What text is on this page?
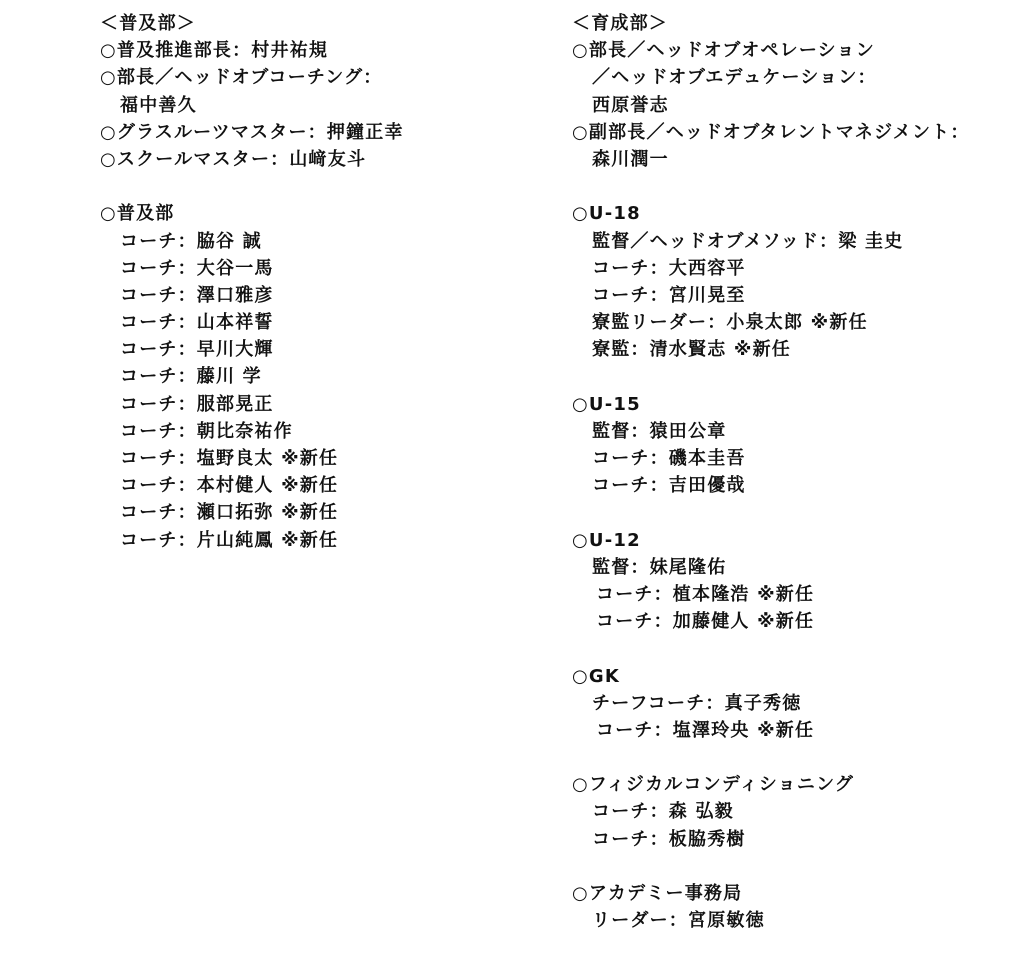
＜普及部＞
○普及推進部長：村井祐規
○部長／ヘッドオブコーチング：
福中善久
○グラスルーツマスター：押鐘正幸
○スクールマスター：山﨑友斗
○普及部
コーチ：脇谷 誠
コーチ：大谷一馬
コーチ：澤口雅彦
コーチ：山本祥誓
コーチ：早川大輝
コーチ：藤川 学
コーチ：服部晃正
コーチ：朝比奈祐作
コーチ：塩野良太 ※新任
コーチ：本村健人 ※新任
コーチ：瀬口拓弥 ※新任
コーチ：片山純鳳 ※新任
＜育成部＞
○部長／ヘッドオブオペレーション
／ヘッドオブエデュケーション：
西原誉志
○副部長／ヘッドオブタレントマネジメント：
森川潤一
○U-18
監督／ヘッドオブメソッド：梁 圭史
コーチ：大西容平
コーチ：宮川晃至
寮監リーダー：小泉太郎 ※新任
寮監：清水賢志 ※新任
○U-15
監督：猿田公章
コーチ：磯本圭吾
コーチ：吉田優哉
○U-12
監督：妹尾隆佑
コーチ：植本隆浩 ※新任
コーチ：加藤健人 ※新任
○GK
チーフコーチ：真子秀徳
コーチ：塩澤玲央 ※新任
○フィジカルコンディショニング
コーチ：森 弘毅
コーチ：板脇秀樹
○アカデミー事務局
リーダー：宮原敏徳
